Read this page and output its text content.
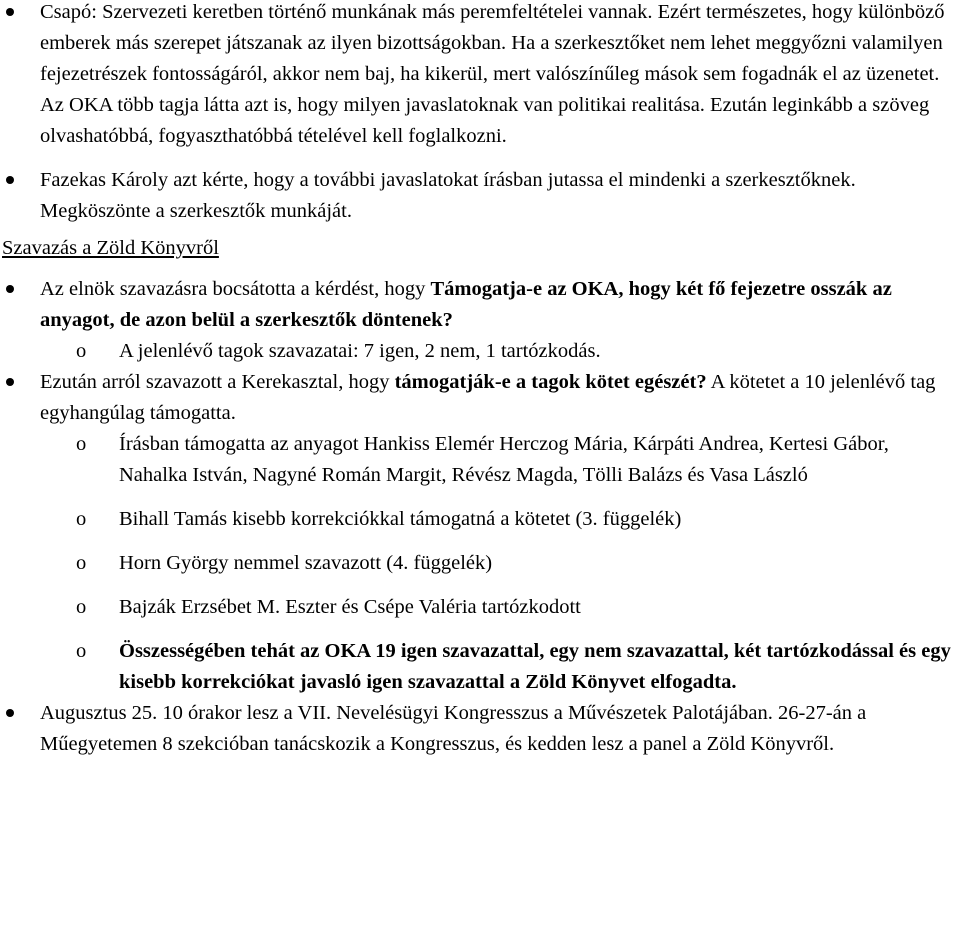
Csapó: Szervezeti keretben történő munkának más peremfeltételei vannak. Ezért természetes, hogy különböző emberek más szerepet játszanak az ilyen bizottságokban. Ha a szerkesztőket nem lehet meggyőzni valamilyen fejezetrészek fontosságáról, akkor nem baj, ha kikerül, mert valószínűleg mások sem fogadnák el az üzenetet. Az OKA több tagja látta azt is, hogy milyen javaslatoknak van politikai realitása. Ezután leginkább a szöveg olvashatóbbá, fogyaszthatóbbá tételével kell foglalkozni.
Fazekas Károly azt kérte, hogy a további javaslatokat írásban jutassa el mindenki a szerkesztőknek. Megköszönte a szerkesztők munkáját.
Szavazás a Zöld Könyvről
Az elnök szavazásra bocsátotta a kérdést, hogy Támogatja-e az OKA, hogy két fő fejezetre osszák az anyagot, de azon belül a szerkesztők döntenek?
o A jelenlévő tagok szavazatai: 7 igen, 2 nem, 1 tartózkodás.
Ezután arról szavazott a Kerekasztal, hogy támogatják-e a tagok kötet egészét? A kötetet a 10 jelenlévő tag egyhangúlag támogatta.
o Írásban támogatta az anyagot Hankiss Elemér Herczog Mária, Kárpáti Andrea, Kertesi Gábor, Nahalka István, Nagyné Román Margit, Révész Magda, Tölli Balázs és Vasa László
o Bihall Tamás kisebb korrekciókkal támogatná a kötetet (3. függelék)
o Horn György nemmel szavazott (4. függelék)
o Bajzák Erzsébet M. Eszter és Csépe Valéria tartózkodott
o Összességében tehát az OKA 19 igen szavazattal, egy nem szavazattal, két tartózkodással és egy kisebb korrekciókat javasló igen szavazattal a Zöld Könyvet elfogadta.
Augusztus 25. 10 órakor lesz a VII. Nevelésügyi Kongresszus a Művészetek Palotájában. 26-27-án a Műegyetemen 8 szekcióban tanácskozik a Kongresszus, és kedden lesz a panel a Zöld Könyvről.
